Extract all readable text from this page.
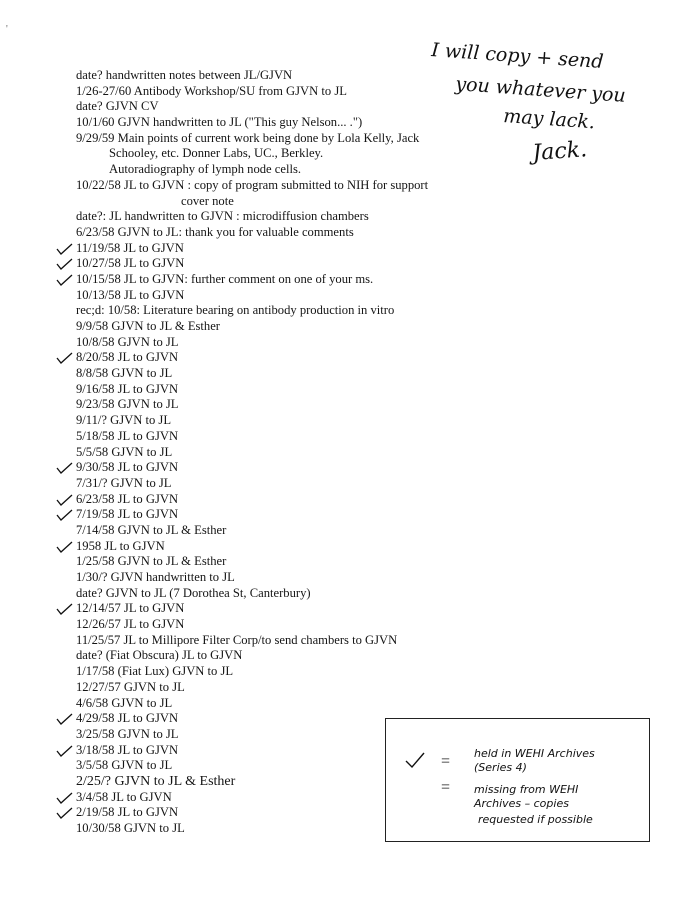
'
I will copy + send
you whatever you
may lack.
Jack.
date? handwritten notes between JL/GJVN
1/26-27/60 Antibody Workshop/SU from GJVN to JL
date? GJVN CV
10/1/60 GJVN handwritten to JL ("This guy Nelson... .")
9/29/59 Main points of current work being done by Lola Kelly, Jack
Schooley, etc. Donner Labs, UC., Berkley.
Autoradiography of lymph node cells.
10/22/58 JL to GJVN : copy of program submitted to NIH for support
cover note
date?: JL handwritten to GJVN : microdiffusion chambers
6/23/58 GJVN to JL: thank you for valuable comments
11/19/58 JL to GJVN
10/27/58 JL to GJVN
10/15/58 JL to GJVN: further comment on one of your ms.
10/13/58 JL to GJVN
rec;d: 10/58: Literature bearing on antibody production in vitro
9/9/58 GJVN to JL & Esther
10/8/58 GJVN to JL
8/20/58 JL to GJVN
8/8/58 GJVN to JL
9/16/58 JL to GJVN
9/23/58 GJVN to JL
9/11/? GJVN to JL
5/18/58 JL to GJVN
5/5/58 GJVN to JL
9/30/58 JL to GJVN
7/31/? GJVN to JL
6/23/58 JL to GJVN
7/19/58 JL to GJVN
7/14/58 GJVN to JL & Esther
1958 JL to GJVN
1/25/58 GJVN to JL & Esther
1/30/? GJVN handwritten to JL
date? GJVN to JL (7 Dorothea St, Canterbury)
12/14/57 JL to GJVN
12/26/57 JL to GJVN
11/25/57 JL to Millipore Filter Corp/to send chambers to GJVN
date? (Fiat Obscura) JL to GJVN
1/17/58 (Fiat Lux) GJVN to JL
12/27/57 GJVN to JL
4/6/58 GJVN to JL
4/29/58 JL to GJVN
3/25/58 GJVN to JL
3/18/58 JL to GJVN
3/5/58 GJVN to JL
2/25/? GJVN to JL & Esther
3/4/58 JL to GJVN
2/19/58 JL to GJVN
10/30/58 GJVN to JL
=
=
held in WEHI Archives
(Series 4)
missing from WEHI
Archives – copies
requested if possible
